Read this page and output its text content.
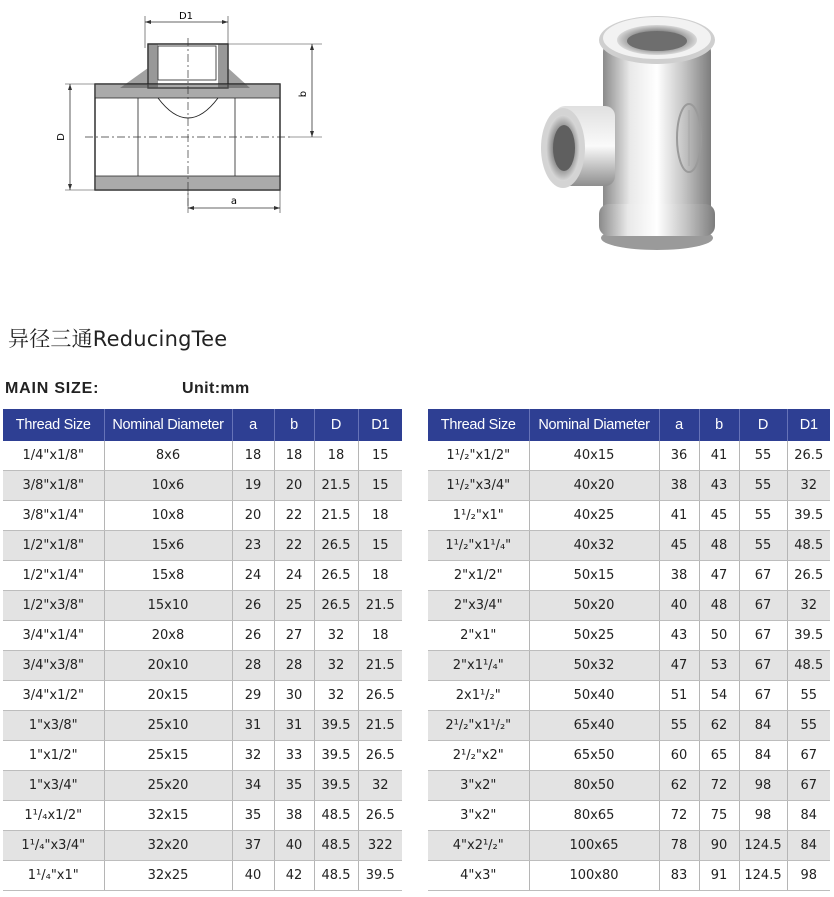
D1
b
D
a
异径三通ReducingTee
MAIN SIZE:	Unit:mm
Thread Size	Nominal Diameter	a	b	D	D1
1/4"x1/8"	8x6	18	18	18	15
3/8"x1/8"	10x6	19	20	21.5	15
3/8"x1/4"	10x8	20	22	21.5	18
1/2"x1/8"	15x6	23	22	26.5	15
1/2"x1/4"	15x8	24	24	26.5	18
1/2"x3/8"	15x10	26	25	26.5	21.5
3/4"x1/4"	20x8	26	27	32	18
3/4"x3/8"	20x10	28	28	32	21.5
3/4"x1/2"	20x15	29	30	32	26.5
1"x3/8"	25x10	31	31	39.5	21.5
1"x1/2"	25x15	32	33	39.5	26.5
1"x3/4"	25x20	34	35	39.5	32
1¹/₄x1/2"	32x15	35	38	48.5	26.5
1¹/₄"x3/4"	32x20	37	40	48.5	322
1¹/₄"x1"	32x25	40	42	48.5	39.5
Thread Size	Nominal Diameter	a	b	D	D1
1¹/₂"x1/2"	40x15	36	41	55	26.5
1¹/₂"x3/4"	40x20	38	43	55	32
1¹/₂"x1"	40x25	41	45	55	39.5
1¹/₂"x1¹/₄"	40x32	45	48	55	48.5
2"x1/2"	50x15	38	47	67	26.5
2"x3/4"	50x20	40	48	67	32
2"x1"	50x25	43	50	67	39.5
2"x1¹/₄"	50x32	47	53	67	48.5
2x1¹/₂"	50x40	51	54	67	55
2¹/₂"x1¹/₂"	65x40	55	62	84	55
2¹/₂"x2"	65x50	60	65	84	67
3"x2"	80x50	62	72	98	67
3"x2"	80x65	72	75	98	84
4"x2¹/₂"	100x65	78	90	124.5	84
4"x3"	100x80	83	91	124.5	98
